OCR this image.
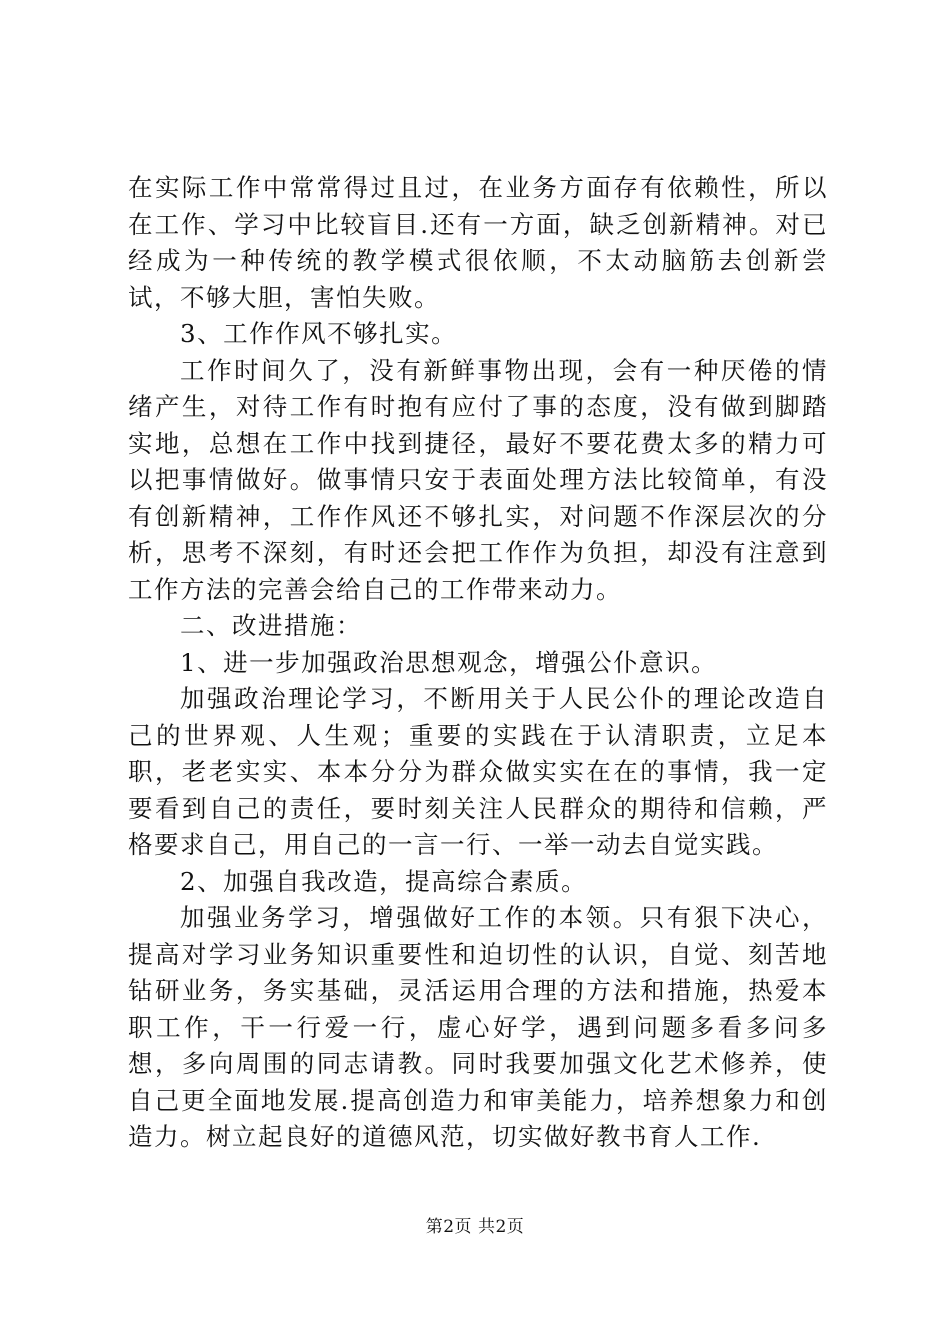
在实际工作中常常得过且过，在业务方面存有依赖性，所以在工作、学习中比较盲目.还有一方面，缺乏创新精神。对已经成为一种传统的教学模式很依顺，不太动脑筋去创新尝试，不够大胆，害怕失败。

3、工作作风不够扎实。

工作时间久了，没有新鲜事物出现，会有一种厌倦的情绪产生，对待工作有时抱有应付了事的态度，没有做到脚踏实地，总想在工作中找到捷径，最好不要花费太多的精力可以把事情做好。做事情只安于表面处理方法比较简单，有没有创新精神，工作作风还不够扎实，对问题不作深层次的分析，思考不深刻，有时还会把工作作为负担，却没有注意到工作方法的完善会给自己的工作带来动力。

二、改进措施：

1、进一步加强政治思想观念，增强公仆意识。

加强政治理论学习，不断用关于人民公仆的理论改造自己的世界观、人生观；重要的实践在于认清职责，立足本职，老老实实、本本分分为群众做实实在在的事情，我一定要看到自己的责任，要时刻关注人民群众的期待和信赖，严格要求自己，用自己的一言一行、一举一动去自觉实践。

2、加强自我改造，提高综合素质。

加强业务学习，增强做好工作的本领。只有狠下决心，提高对学习业务知识重要性和迫切性的认识，自觉、刻苦地钻研业务，务实基础，灵活运用合理的方法和措施，热爱本职工作，干一行爱一行，虚心好学，遇到问题多看多问多想，多向周围的同志请教。同时我要加强文化艺术修养，使自己更全面地发展.提高创造力和审美能力，培养想象力和创造力。树立起良好的道德风范，切实做好教书育人工作.

第2页 共2页
